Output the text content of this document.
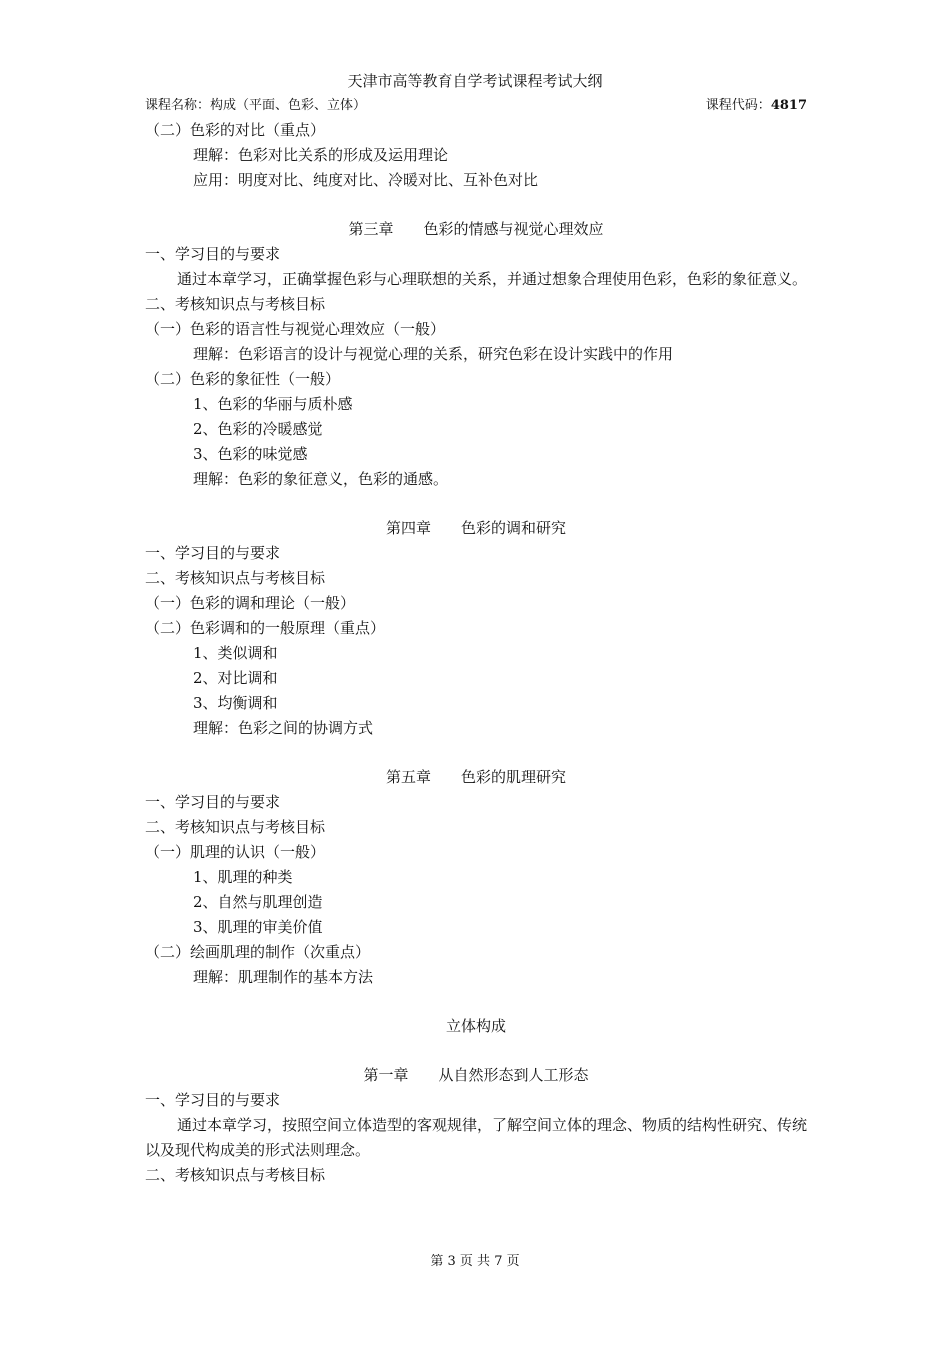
天津市高等教育自学考试课程考试大纲
课程名称：构成（平面、色彩、立体）	课程代码：4817
（二）色彩的对比（重点）
理解：色彩对比关系的形成及运用理论
应用：明度对比、纯度对比、冷暖对比、互补色对比
第三章　　色彩的情感与视觉心理效应
一、学习目的与要求
通过本章学习，正确掌握色彩与心理联想的关系，并通过想象合理使用色彩，色彩的象征意义。
二、考核知识点与考核目标
（一）色彩的语言性与视觉心理效应（一般）
理解：色彩语言的设计与视觉心理的关系，研究色彩在设计实践中的作用
（二）色彩的象征性（一般）
1、色彩的华丽与质朴感
2、色彩的冷暖感觉
3、色彩的味觉感
理解：色彩的象征意义，色彩的通感。
第四章　　色彩的调和研究
一、学习目的与要求
二、考核知识点与考核目标
（一）色彩的调和理论（一般）
（二）色彩调和的一般原理（重点）
1、类似调和
2、对比调和
3、均衡调和
理解：色彩之间的协调方式
第五章　　色彩的肌理研究
一、学习目的与要求
二、考核知识点与考核目标
（一）肌理的认识（一般）
1、肌理的种类
2、自然与肌理创造
3、肌理的审美价值
（二）绘画肌理的制作（次重点）
理解：肌理制作的基本方法
立体构成
第一章　　从自然形态到人工形态
一、学习目的与要求
通过本章学习，按照空间立体造型的客观规律，了解空间立体的理念、物质的结构性研究、传统以及现代构成美的形式法则理念。
二、考核知识点与考核目标
第 3 页 共 7 页
